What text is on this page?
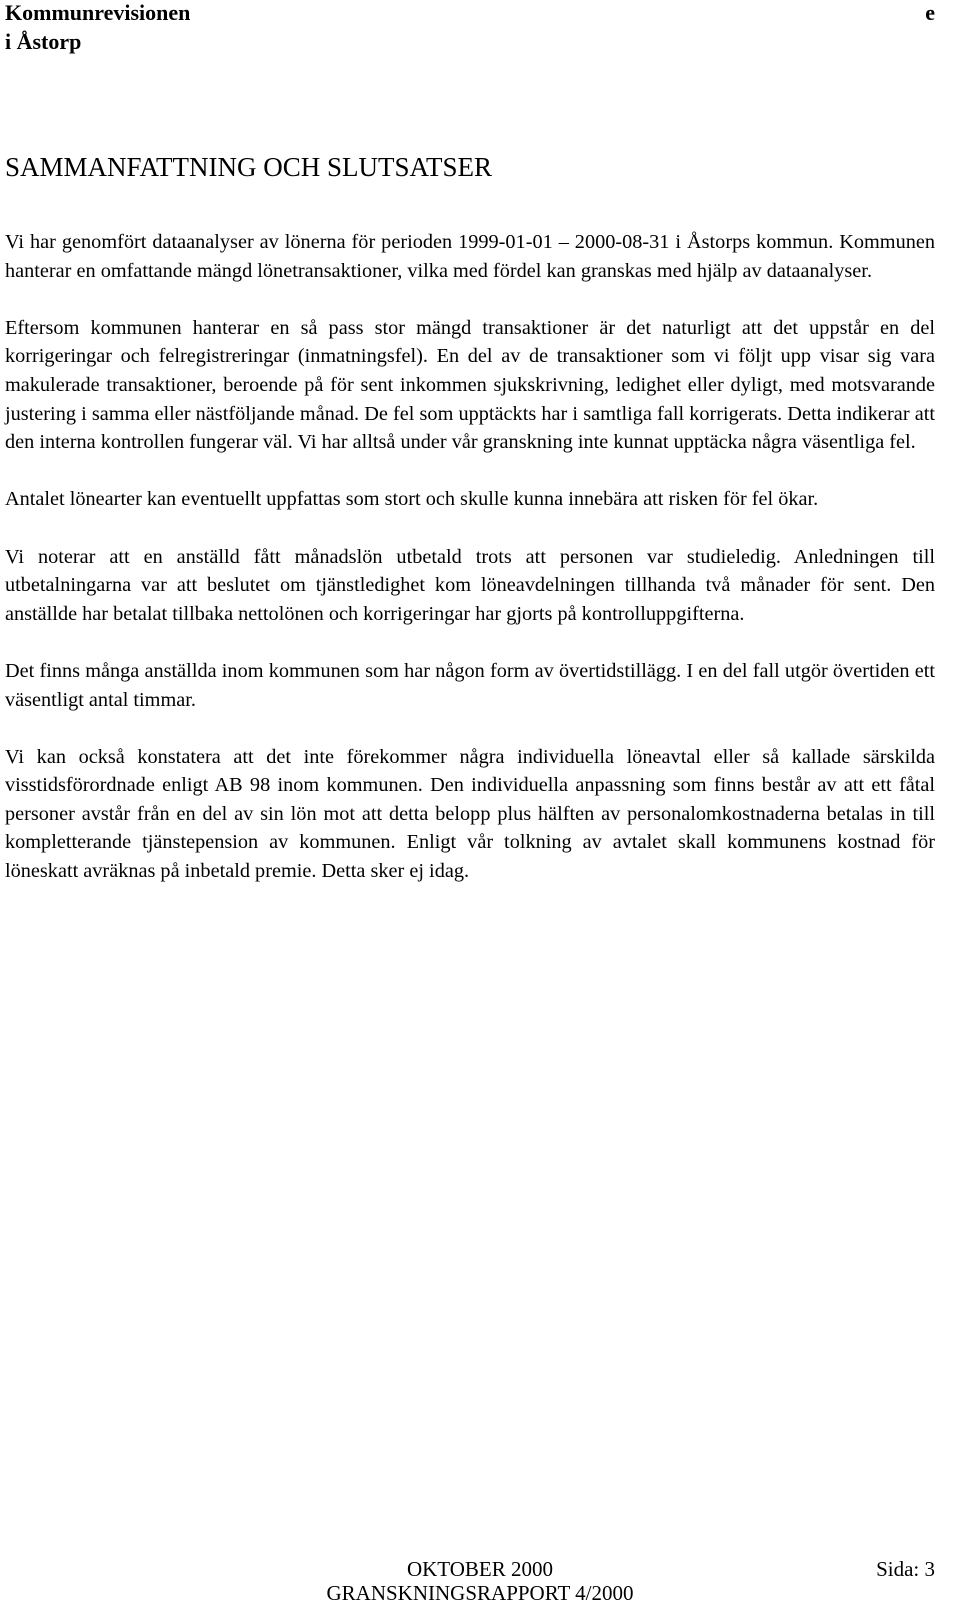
Kommunrevisionen
i Åstorp
e
SAMMANFATTNING OCH SLUTSATSER

Vi har genomfört dataanalyser av lönerna för perioden 1999-01-01 – 2000-08-31 i Åstorps kommun. Kommunen hanterar en omfattande mängd lönetransaktioner, vilka med fördel kan granskas med hjälp av dataanalyser.

Eftersom kommunen hanterar en så pass stor mängd transaktioner är det naturligt att det uppstår en del korrigeringar och felregistreringar (inmatningsfel). En del av de transaktioner som vi följt upp visar sig vara makulerade transaktioner, beroende på för sent inkommen sjukskrivning, ledighet eller dyligt, med motsvarande justering i samma eller nästföljande månad. De fel som upptäckts har i samtliga fall korrigerats. Detta indikerar att den interna kontrollen fungerar väl. Vi har alltså under vår granskning inte kunnat upptäcka några väsentliga fel.

Antalet lönearter kan eventuellt uppfattas som stort och skulle kunna innebära att risken för fel ökar.

Vi noterar att en anställd fått månadslön utbetald trots att personen var studieledig. Anledningen till utbetalningarna var att beslutet om tjänstledighet kom löneavdelningen tillhanda två månader för sent. Den anställde har betalat tillbaka nettolönen och korrigeringar har gjorts på kontrolluppgifterna.

Det finns många anställda inom kommunen som har någon form av övertidstillägg. I en del fall utgör övertiden ett väsentligt antal timmar.

Vi kan också konstatera att det inte förekommer några individuella löneavtal eller så kallade särskilda visstidsförordnade enligt AB 98 inom kommunen. Den individuella anpassning som finns består av att ett fåtal personer avstår från en del av sin lön mot att detta belopp plus hälften av personalomkostnaderna betalas in till kompletterande tjänstepension av kommunen. Enligt vår tolkning av avtalet skall kommunens kostnad för löneskatt avräknas på inbetald premie. Detta sker ej idag.

OKTOBER 2000
GRANSKNINGSRAPPORT 4/2000
Sida: 3
